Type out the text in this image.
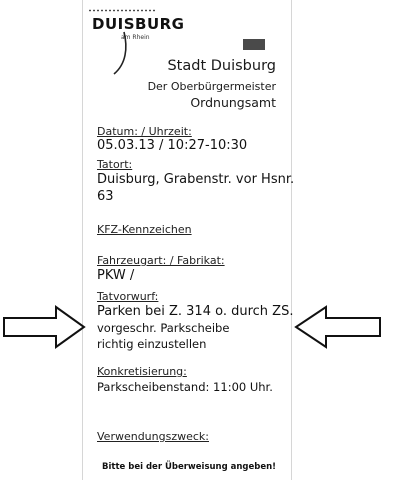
DUISBURG
am Rhein
Stadt Duisburg
Der Oberbürgermeister
Ordnungsamt
Datum: / Uhrzeit:
05.03.13 / 10:27-10:30
Tatort:
Duisburg, Grabenstr. vor Hsnr.
63
KFZ-Kennzeichen
Fahrzeugart: / Fabrikat:
PKW /
Tatvorwurf:
Parken bei Z. 314 o. durch ZS.
vorgeschr. Parkscheibe
richtig einzustellen
Konkretisierung:
Parkscheibenstand: 11:00 Uhr.
Verwendungszweck:
Bitte bei der Überweisung angeben!
